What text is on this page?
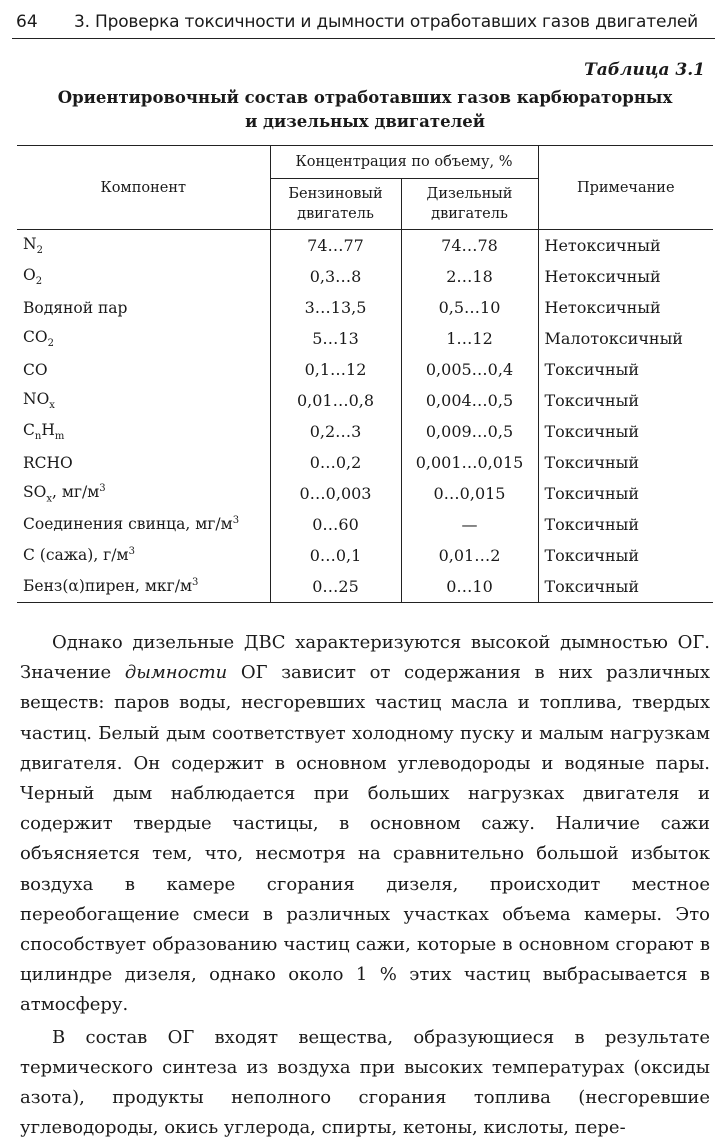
64 3. Проверка токсичности и дымности отработавших газов двигателей
Таблица 3.1
Ориентировочный состав отработавших газов карбюраторных
и дизельных двигателей
Компонент	Концентрация по объему, %		Примечание
	Бензиновый двигатель	Дизельный двигатель	
$N_2$	74…77	74…78	Нетоксичный
$O_2$	0,3…8	2…18	Нетоксичный
Водяной пар	3…13,5	0,5…10	Нетоксичный
$CO_2$	5…13	1…12	Малотоксичный
CO	0,1…12	0,005…0,4	Токсичный
$NO_x$	0,01…0,8	0,004…0,5	Токсичный
$C_nH_m$	0,2…3	0,009…0,5	Токсичный
RCHO	0…0,2	0,001…0,015	Токсичный
$SO_x$, $мг/м^3$	0…0,003	0…0,015	Токсичный
Соединения свинца, $мг/м^3$	0…60	—	Токсичный
C (сажа), $г/м^3$	0…0,1	0,01…2	Токсичный
Бенз(α)пирен, мкг/$м^3$	0…25	0…10	Токсичный

Однако дизельные ДВС характеризуются высокой дымностью ОГ. Значение дымности ОГ зависит от содержания в них различных веществ: паров воды, несгоревших частиц масла и топлива, твердых частиц. Белый дым соответствует холодному пуску и малым нагрузкам двигателя. Он содержит в основном углеводороды и водяные пары. Черный дым наблюдается при больших нагрузках двигателя и содержит твердые частицы, в основном сажу. Наличие сажи объясняется тем, что, несмотря на сравнительно большой избыток воздуха в камере сгорания дизеля, происходит местное переобогащение смеси в различных участках объема камеры. Это способствует образованию частиц сажи, которые в основном сгорают в цилиндре дизеля, однако около 1 % этих частиц выбрасывается в атмосферу.

В состав ОГ входят вещества, образующиеся в результате термического синтеза из воздуха при высоких температурах (оксиды азота), продукты неполного сгорания топлива (несгоревшие углеводороды, окись углерода, спирты, кетоны, кислоты, пере-
